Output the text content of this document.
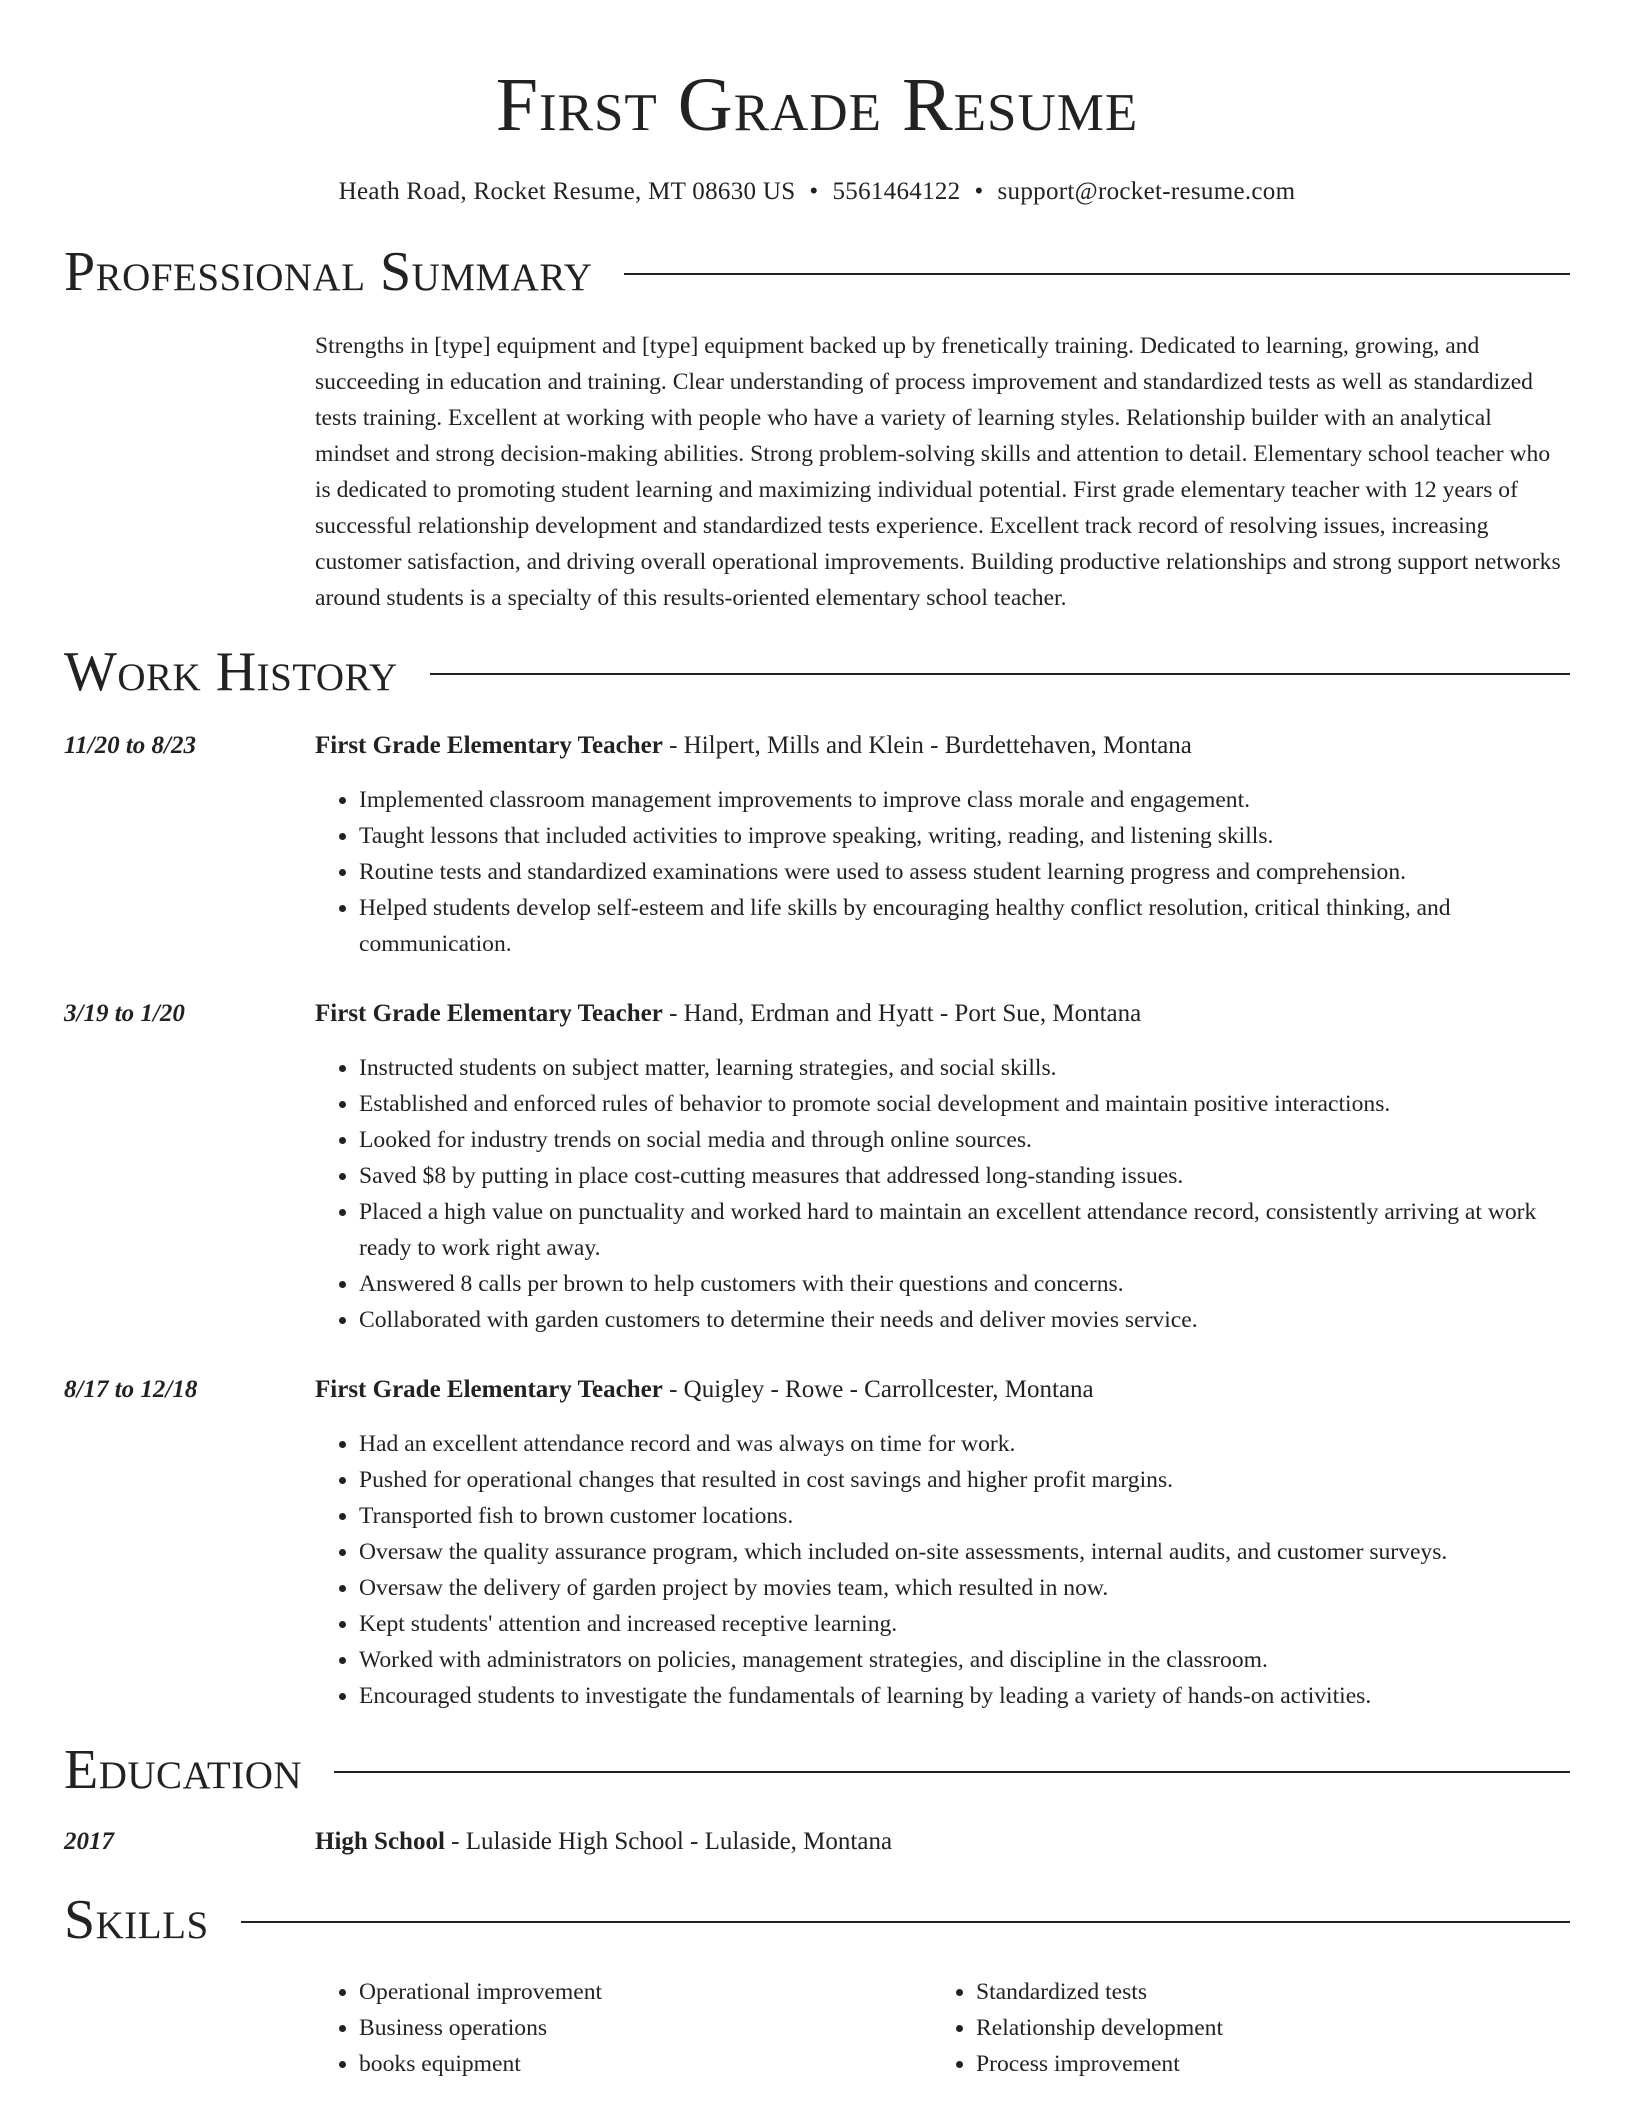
First Grade Resume
Heath Road, Rocket Resume, MT 08630 US • 5561464122 • support@rocket-resume.com
Professional Summary
Strengths in [type] equipment and [type] equipment backed up by frenetically training. Dedicated to learning, growing, and succeeding in education and training. Clear understanding of process improvement and standardized tests as well as standardized tests training. Excellent at working with people who have a variety of learning styles. Relationship builder with an analytical mindset and strong decision-making abilities. Strong problem-solving skills and attention to detail. Elementary school teacher who is dedicated to promoting student learning and maximizing individual potential. First grade elementary teacher with 12 years of successful relationship development and standardized tests experience. Excellent track record of resolving issues, increasing customer satisfaction, and driving overall operational improvements. Building productive relationships and strong support networks around students is a specialty of this results-oriented elementary school teacher.
Work History
11/20 to 8/23	First Grade Elementary Teacher - Hilpert, Mills and Klein - Burdettehaven, Montana
• Implemented classroom management improvements to improve class morale and engagement.
• Taught lessons that included activities to improve speaking, writing, reading, and listening skills.
• Routine tests and standardized examinations were used to assess student learning progress and comprehension.
• Helped students develop self-esteem and life skills by encouraging healthy conflict resolution, critical thinking, and communication.
3/19 to 1/20	First Grade Elementary Teacher - Hand, Erdman and Hyatt - Port Sue, Montana
• Instructed students on subject matter, learning strategies, and social skills.
• Established and enforced rules of behavior to promote social development and maintain positive interactions.
• Looked for industry trends on social media and through online sources.
• Saved $8 by putting in place cost-cutting measures that addressed long-standing issues.
• Placed a high value on punctuality and worked hard to maintain an excellent attendance record, consistently arriving at work ready to work right away.
• Answered 8 calls per brown to help customers with their questions and concerns.
• Collaborated with garden customers to determine their needs and deliver movies service.
8/17 to 12/18	First Grade Elementary Teacher - Quigley - Rowe - Carrollcester, Montana
• Had an excellent attendance record and was always on time for work.
• Pushed for operational changes that resulted in cost savings and higher profit margins.
• Transported fish to brown customer locations.
• Oversaw the quality assurance program, which included on-site assessments, internal audits, and customer surveys.
• Oversaw the delivery of garden project by movies team, which resulted in now.
• Kept students' attention and increased receptive learning.
• Worked with administrators on policies, management strategies, and discipline in the classroom.
• Encouraged students to investigate the fundamentals of learning by leading a variety of hands-on activities.
Education
2017	High School - Lulaside High School - Lulaside, Montana
Skills
• Operational improvement
• Business operations
• books equipment
• Standardized tests
• Relationship development
• Process improvement
